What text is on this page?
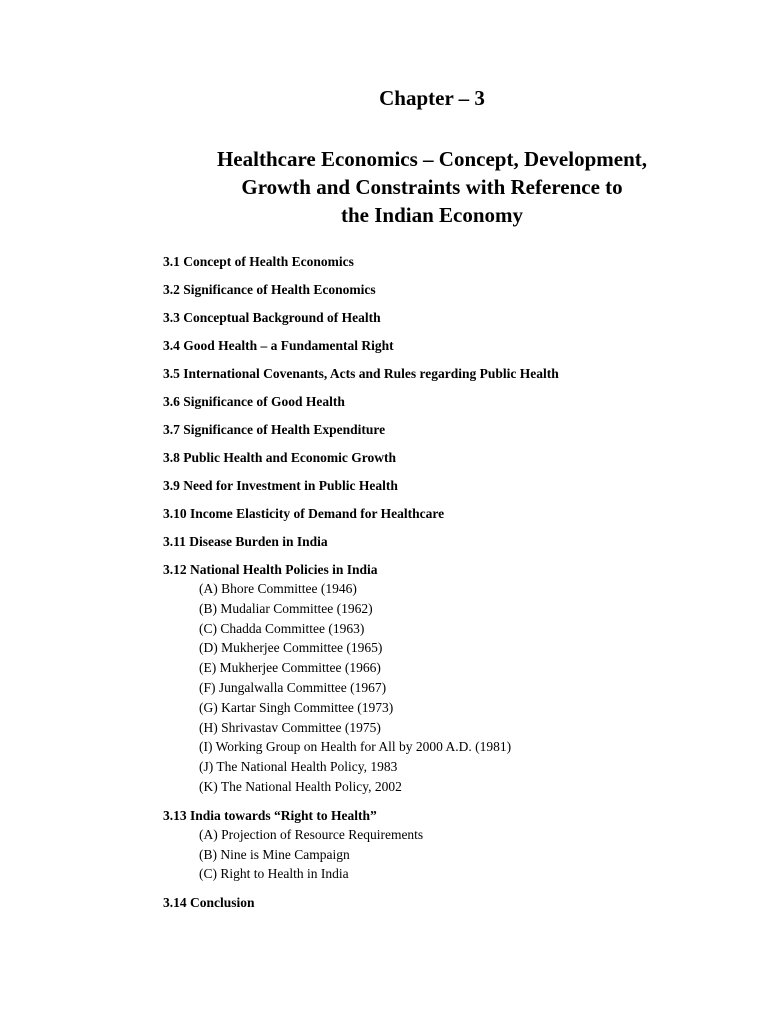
Chapter – 3
Healthcare Economics – Concept, Development,
Growth and Constraints with Reference to
the Indian Economy
3.1 Concept of Health Economics
3.2 Significance of Health Economics
3.3 Conceptual Background of Health
3.4 Good Health – a Fundamental Right
3.5 International Covenants, Acts and Rules regarding Public Health
3.6 Significance of Good Health
3.7 Significance of Health Expenditure
3.8 Public Health and Economic Growth
3.9 Need for Investment in Public Health
3.10 Income Elasticity of Demand for Healthcare
3.11 Disease Burden in India
3.12 National Health Policies in India
(A) Bhore Committee (1946)
(B) Mudaliar Committee (1962)
(C) Chadda Committee (1963)
(D) Mukherjee Committee (1965)
(E) Mukherjee Committee (1966)
(F) Jungalwalla Committee (1967)
(G) Kartar Singh Committee (1973)
(H) Shrivastav Committee (1975)
(I) Working Group on Health for All by 2000 A.D. (1981)
(J) The National Health Policy, 1983
(K) The National Health Policy, 2002
3.13 India towards “Right to Health”
(A) Projection of Resource Requirements
(B) Nine is Mine Campaign
(C) Right to Health in India
3.14 Conclusion
